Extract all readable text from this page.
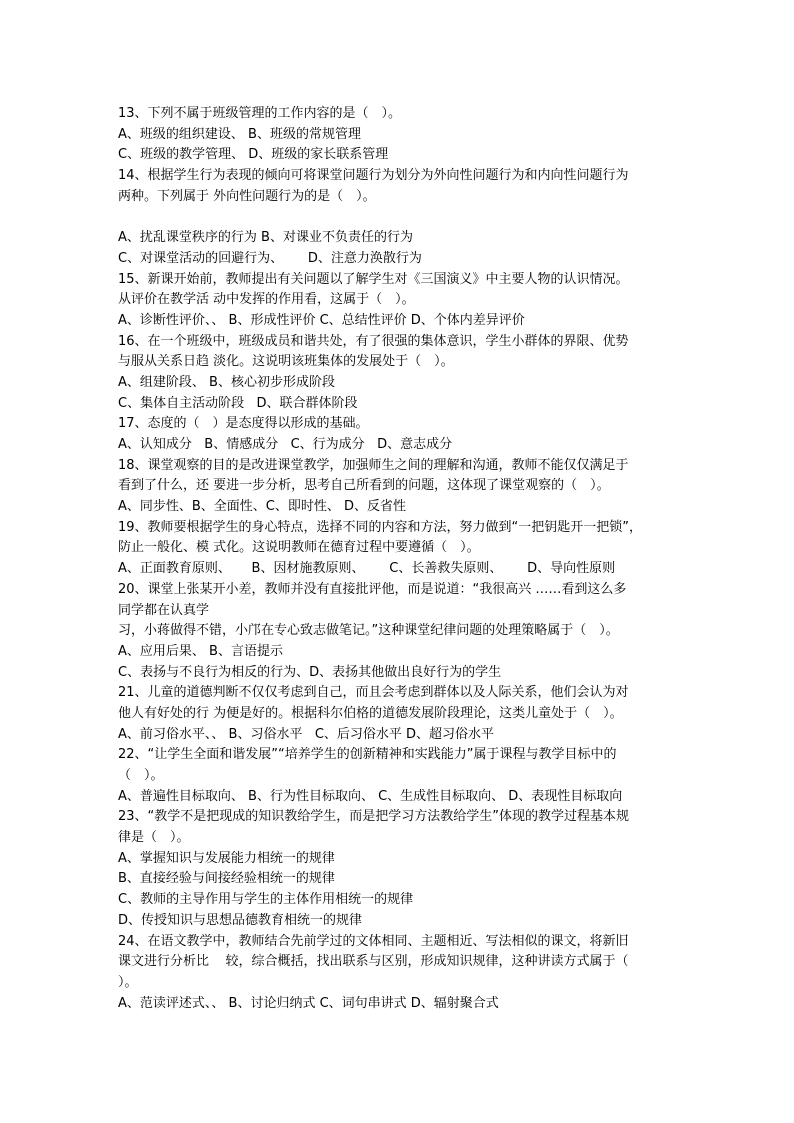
13、下列不属于班级管理的工作内容的是（　）。
A、班级的组织建设、 B、班级的常规管理
C、班级的教学管理、 D、班级的家长联系管理
14、根据学生行为表现的倾向可将课堂问题行为划分为外向性问题行为和内向性问题行为
两种。下列属于 外向性问题行为的是（　）。
A、扰乱课堂秩序的行为 B、对课业不负责任的行为
C、对课堂活动的回避行为、      D、注意力涣散行为
15、新课开始前，教师提出有关问题以了解学生对《三国演义》中主要人物的认识情况。
从评价在教学活 动中发挥的作用看，这属于（　）。
A、诊断性评价、、 B、形成性评价 C、总结性评价 D、个体内差异评价
16、在一个班级中，班级成员和谐共处，有了很强的集体意识，学生小群体的界限、优势
与服从关系日趋 淡化。这说明该班集体的发展处于（　）。
A、组建阶段、 B、核心初步形成阶段
C、集体自主活动阶段   D、联合群体阶段
17、态度的（　）是态度得以形成的基础。
A、认知成分   B、情感成分   C、行为成分   D、意志成分
18、课堂观察的目的是改进课堂教学，加强师生之间的理解和沟通，教师不能仅仅满足于
看到了什么，还 要进一步分析，思考自己所看到的问题，这体现了课堂观察的（　）。
A、同步性、B、全面性、C、即时性、 D、反省性
19、教师要根据学生的身心特点，选择不同的内容和方法，努力做到“一把钥匙开一把锁”，
防止一般化、模 式化。这说明教师在德育过程中要遵循（　）。
A、正面教育原则、     B、因材施教原则、      C、长善救失原则、      D、导向性原则
20、课堂上张某开小差，教师并没有直接批评他，而是说道：“我很高兴 ……看到这么多
同学都在认真学
习，小蒋做得不错，小邝在专心致志做笔记。”这种课堂纪律问题的处理策略属于（　）。
A、应用后果、 B、言语提示
C、表扬与不良行为相反的行为、D、表扬其他做出良好行为的学生
21、儿童的道德判断不仅仅考虑到自己，而且会考虑到群体以及人际关系，他们会认为对
他人有好处的行 为便是好的。根据科尔伯格的道德发展阶段理论，这类儿童处于（　）。
A、前习俗水平、、 B、习俗水平   C、后习俗水平 D、超习俗水平
22、“让学生全面和谐发展”“培养学生的创新精神和实践能力”属于课程与教学目标中的
（　）。
A、普遍性目标取向、 B、行为性目标取向、 C、生成性目标取向、 D、表现性目标取向
23、“教学不是把现成的知识教给学生，而是把学习方法教给学生”体现的教学过程基本规
律是（　）。
A、掌握知识与发展能力相统一的规律
B、直接经验与间接经验相统一的规律
C、教师的主导作用与学生的主体作用相统一的规律
D、传授知识与思想品德教育相统一的规律
24、在语文教学中，教师结合先前学过的文体相同、主题相近、写法相似的课文，将新旧
课文进行分析比    较，综合概括，找出联系与区别，形成知识规律，这种讲读方式属于（
）。
A、范读评述式、、 B、讨论归纳式 C、词句串讲式 D、辐射聚合式
